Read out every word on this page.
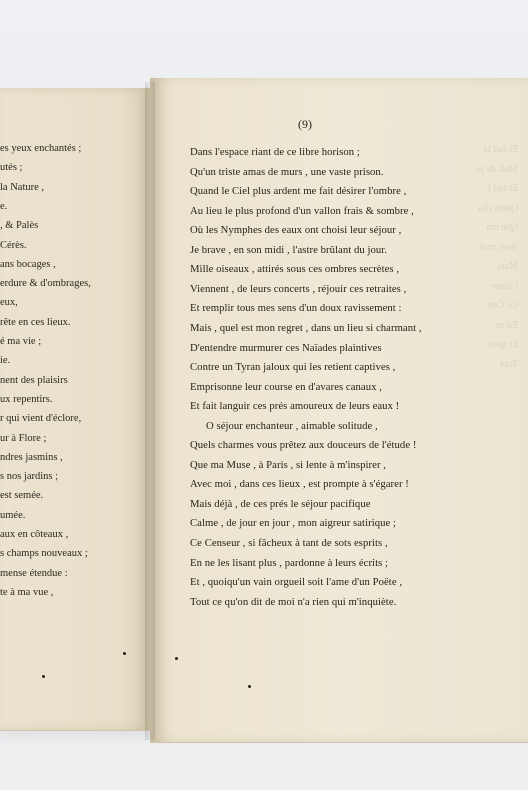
es yeux enchantés ;
utés ;
la Nature ,
e.
, & Palès
Cérès.
ans bocages ,
erdure & d'ombrages,
eux,
rête en ces lieux.
é ma vie ;
ie.
nent des plaisirs
ux repentirs.
r qui vient d'éclore,
ur à Flore ;
ndres jasmins ,
s nos jardins ;
est semée.
umée.
aux en côteaux ,
s champs nouveaux ;
mense étendue :
te à ma vue ,
(9)
Et fait la
Mais de jo
Et fait l
Quels cha
Que ma
Avec moi
Mais
Calme
Ce Cen
En ne
Et quoi
Tout
Dans l'espace riant de ce libre horison ;
Qu'un triste amas de murs , une vaste prison.
Quand le Ciel plus ardent me fait désirer l'ombre ,
Au lieu le plus profond d'un vallon frais & sombre ,
Où les Nymphes des eaux ont choisi leur séjour ,
Je brave , en son midi , l'astre brûlant du jour.
Mille oiseaux , attirés sous ces ombres secrètes ,
Viennent , de leurs concerts , réjouir ces retraites ,
Et remplir tous mes sens d'un doux ravissement :
Mais , quel est mon regret , dans un lieu si charmant ,
D'entendre murmurer ces Naïades plaintives
Contre un Tyran jaloux qui les retient captives ,
Emprisonne leur course en d'avares canaux ,
Et fait languir ces prés amoureux de leurs eaux !
O séjour enchanteur , aimable solitude ,
Quels charmes vous prêtez aux douceurs de l'étude !
Que ma Muse , à Paris , si lente à m'inspirer ,
Avec moi , dans ces lieux , est prompte à s'égarer !
Mais déjà , de ces prés le séjour pacifique
Calme , de jour en jour , mon aigreur satirique ;
Ce Censeur , si fâcheux à tant de sots esprits ,
En ne les lisant plus , pardonne à leurs écrits ;
Et , quoiqu'un vain orgueil soit l'ame d'un Poëte ,
Tout ce qu'on dit de moi n'a rien qui m'inquiète.
